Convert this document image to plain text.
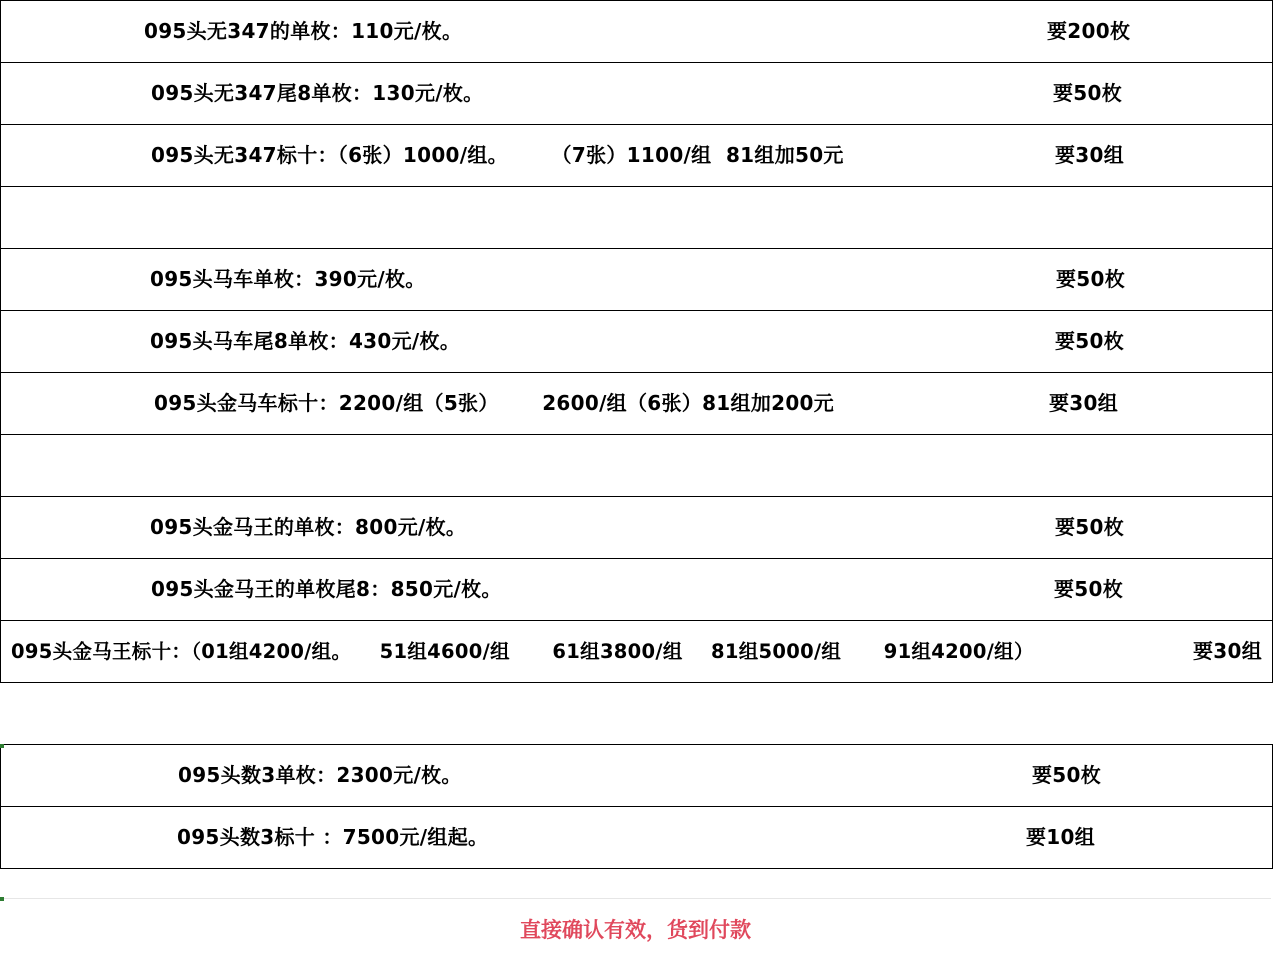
095头无347的单枚：110元/枚。	要200枚
095头无347尾8单枚：130元/枚。	要50枚
095头无347标十：（6张）1000/组。      （7张）1100/组  81组加50元	要30组
095头马车单枚：390元/枚。	要50枚
095头马车尾8单枚：430元/枚。	要50枚
095头金马车标十：2200/组（5张）      2600/组（6张）81组加200元	要30组
095头金马王的单枚：800元/枚。	要50枚
095头金马王的单枚尾8：850元/枚。	要50枚
095头金马王标十：（01组4200/组。    51组4600/组      61组3800/组    81组5000/组      91组4200/组）	要30组
095头数3单枚：2300元/枚。	要50枚
095头数3标十 ：7500元/组起。	要10组
直接确认有效，货到付款
